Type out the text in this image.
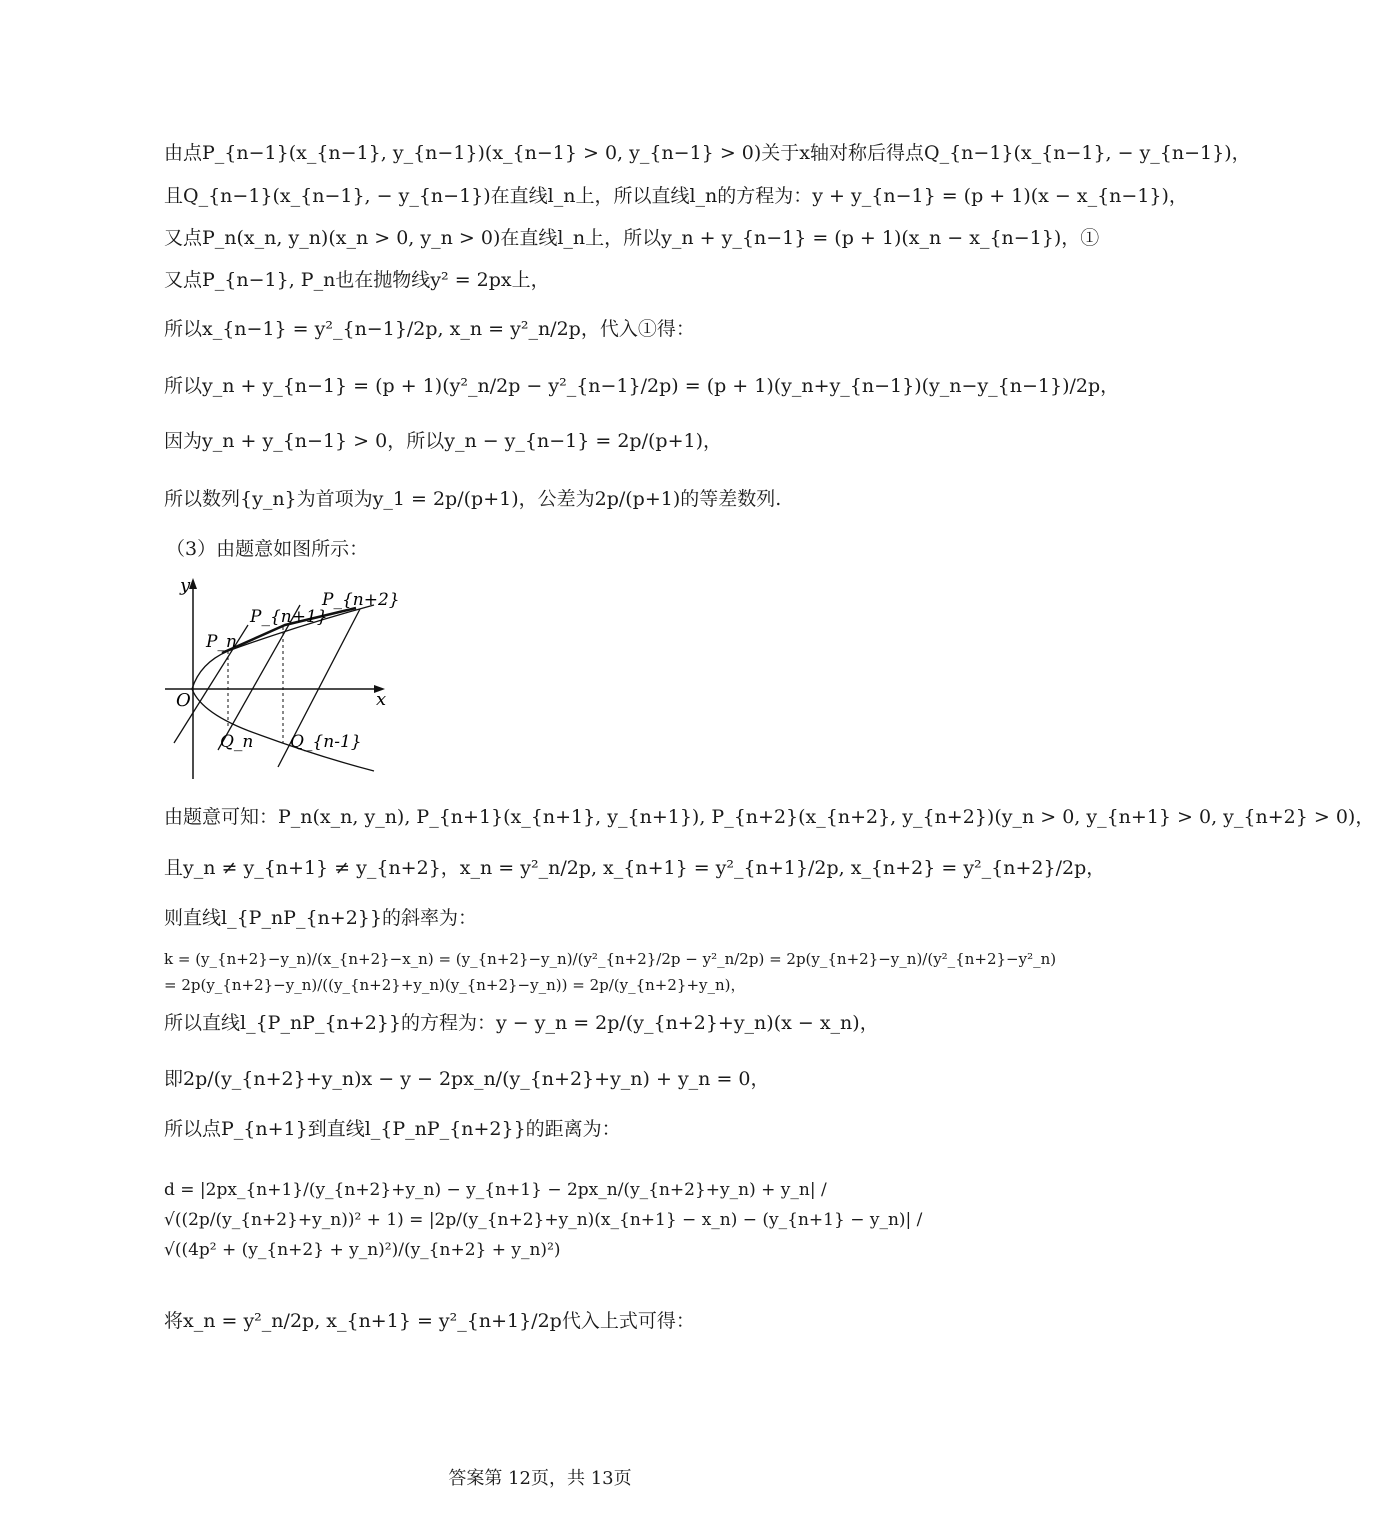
由点P_{n−1}(x_{n−1}, y_{n−1})(x_{n−1} > 0, y_{n−1} > 0)关于x轴对称后得点Q_{n−1}(x_{n−1}, − y_{n−1})，
且Q_{n−1}(x_{n−1}, − y_{n−1})在直线l_n上，所以直线l_n的方程为：y + y_{n−1} = (p + 1)(x − x_{n−1})，
又点P_n(x_n, y_n)(x_n > 0, y_n > 0)在直线l_n上，所以y_n + y_{n−1} = (p + 1)(x_n − x_{n−1})，①
又点P_{n−1}, P_n也在抛物线y² = 2px上，
所以x_{n−1} = y²_{n−1}/2p, x_n = y²_n/2p，代入①得：
所以y_n + y_{n−1} = (p + 1)(y²_n/2p − y²_{n−1}/2p) = (p + 1)(y_n+y_{n−1})(y_n−y_{n−1})/2p，
因为y_n + y_{n−1} > 0，所以y_n − y_{n−1} = 2p/(p+1)，
所以数列{y_n}为首项为y_1 = 2p/(p+1)，公差为2p/(p+1)的等差数列.
（3）由题意如图所示：
y
x
O
P_n
P_{n+1}
P_{n+2}
Q_n Q_{n-1}
由题意可知：P_n(x_n, y_n), P_{n+1}(x_{n+1}, y_{n+1}), P_{n+2}(x_{n+2}, y_{n+2})(y_n > 0, y_{n+1} > 0, y_{n+2} > 0)，
且y_n ≠ y_{n+1} ≠ y_{n+2}，x_n = y²_n/2p, x_{n+1} = y²_{n+1}/2p, x_{n+2} = y²_{n+2}/2p，
则直线l_{P_nP_{n+2}}的斜率为：
k = (y_{n+2}−y_n)/(x_{n+2}−x_n) = (y_{n+2}−y_n)/(y²_{n+2}/2p − y²_n/2p) = 2p(y_{n+2}−y_n)/(y²_{n+2}−y²_n) = 2p(y_{n+2}−y_n)/((y_{n+2}+y_n)(y_{n+2}−y_n)) = 2p/(y_{n+2}+y_n)，
所以直线l_{P_nP_{n+2}}的方程为：y − y_n = 2p/(y_{n+2}+y_n)(x − x_n)，
即2p/(y_{n+2}+y_n)x − y − 2px_n/(y_{n+2}+y_n) + y_n = 0，
所以点P_{n+1}到直线l_{P_nP_{n+2}}的距离为：
d = |2px_{n+1}/(y_{n+2}+y_n) − y_{n+1} − 2px_n/(y_{n+2}+y_n) + y_n| / √((2p/(y_{n+2}+y_n))² + 1) = |2p/(y_{n+2}+y_n)(x_{n+1} − x_n) − (y_{n+1} − y_n)| / √((4p² + (y_{n+2} + y_n)²)/(y_{n+2} + y_n)²)
将x_n = y²_n/2p, x_{n+1} = y²_{n+1}/2p代入上式可得：
答案第 12页，共 13页
